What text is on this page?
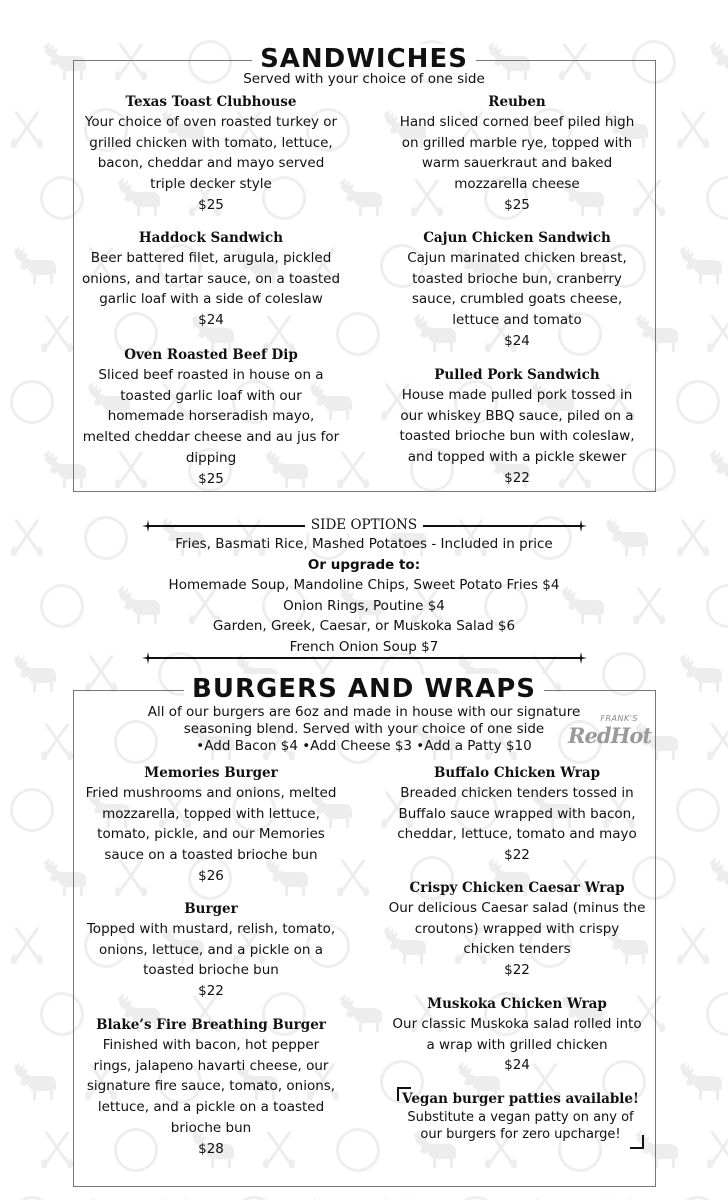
SANDWICHES
Served with your choice of one side
Texas Toast Clubhouse
Your choice of oven roasted turkey or
grilled chicken with tomato, lettuce,
bacon, cheddar and mayo served
triple decker style
$25
Haddock Sandwich
Beer battered filet, arugula, pickled
onions, and tartar sauce, on a toasted
garlic loaf with a side of coleslaw
$24
Oven Roasted Beef Dip
Sliced beef roasted in house on a
toasted garlic loaf with our
homemade horseradish mayo,
melted cheddar cheese and au jus for
dipping
$25
Reuben
Hand sliced corned beef piled high
on grilled marble rye, topped with
warm sauerkraut and baked
mozzarella cheese
$25
Cajun Chicken Sandwich
Cajun marinated chicken breast,
toasted brioche bun, cranberry
sauce, crumbled goats cheese,
lettuce and tomato
$24
Pulled Pork Sandwich
House made pulled pork tossed in
our whiskey BBQ sauce, piled on a
toasted brioche bun with coleslaw,
and topped with a pickle skewer
$22
SIDE OPTIONS
Fries, Basmati Rice, Mashed Potatoes - Included in price
Or upgrade to:
Homemade Soup, Mandoline Chips, Sweet Potato Fries $4
Onion Rings, Poutine $4
Garden, Greek, Caesar, or Muskoka Salad $6
French Onion Soup $7
BURGERS AND WRAPS
All of our burgers are 6oz and made in house with our signature
seasoning blend. Served with your choice of one side
•Add Bacon $4 •Add Cheese $3 •Add a Patty $10
FRANK'S
RedHot
Memories Burger
Fried mushrooms and onions, melted
mozzarella, topped with lettuce,
tomato, pickle, and our Memories
sauce on a toasted brioche bun
$26
Burger
Topped with mustard, relish, tomato,
onions, lettuce, and a pickle on a
toasted brioche bun
$22
Blake’s Fire Breathing Burger
Finished with bacon, hot pepper
rings, jalapeno havarti cheese, our
signature fire sauce, tomato, onions,
lettuce, and a pickle on a toasted
brioche bun
$28
Buffalo Chicken Wrap
Breaded chicken tenders tossed in
Buffalo sauce wrapped with bacon,
cheddar, lettuce, tomato and mayo
$22
Crispy Chicken Caesar Wrap
Our delicious Caesar salad (minus the
croutons) wrapped with crispy
chicken tenders
$22
Muskoka Chicken Wrap
Our classic Muskoka salad rolled into
a wrap with grilled chicken
$24
Vegan burger patties available!
Substitute a vegan patty on any of
our burgers for zero upcharge!
